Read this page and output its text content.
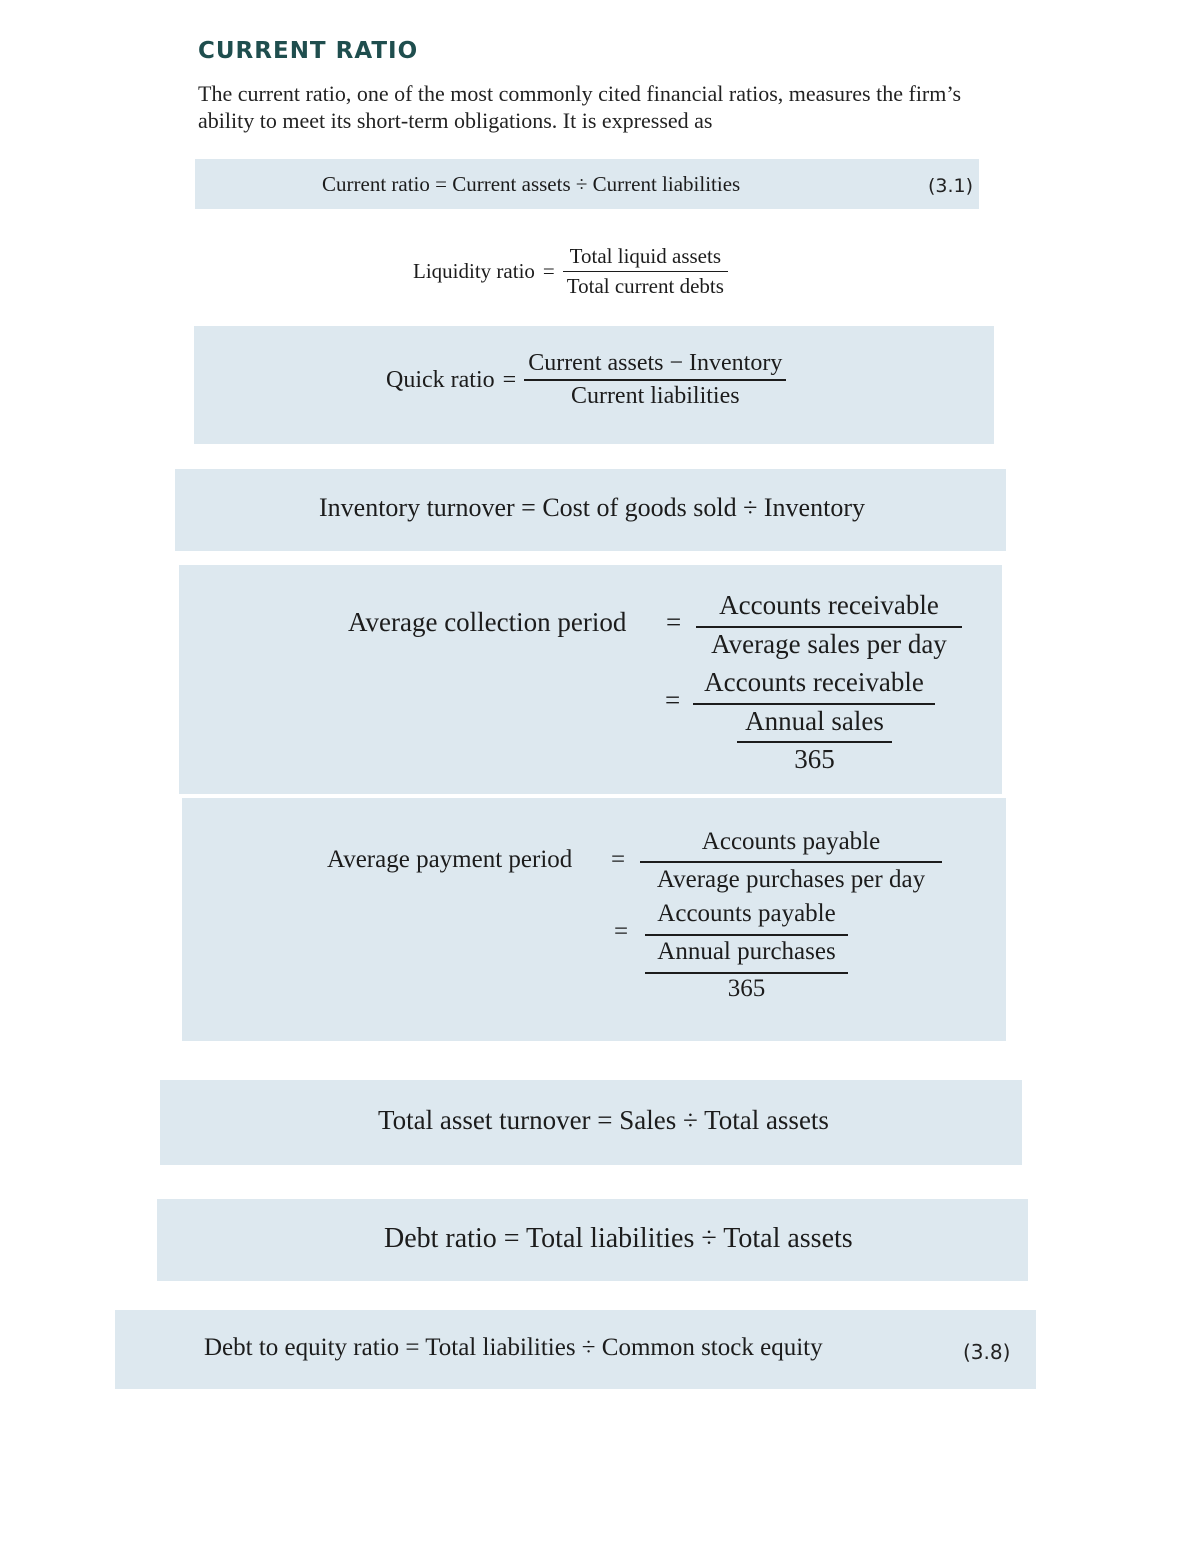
CURRENT RATIO
The current ratio, one of the most commonly cited financial ratios, measures the firm’s ability to meet its short-term obligations. It is expressed as
Current ratio = Current assets ÷ Current liabilities	(3.1)
Liquidity ratio = $\frac{\text{Total liquid assets}}{\text{Total current debts}}$
Quick ratio = $\frac{\text{Current assets − Inventory}}{\text{Current liabilities}}$
Inventory turnover = Cost of goods sold ÷ Inventory
Average collection period =
Accounts receivable
Average sales per day
=
Accounts receivable
Annual sales
365
Average payment period =
Accounts payable
Average purchases per day
=
Accounts payable
Annual purchases
365
Total asset turnover = Sales ÷ Total assets
Debt ratio = Total liabilities ÷ Total assets
Debt to equity ratio = Total liabilities ÷ Common stock equity	(3.8)
